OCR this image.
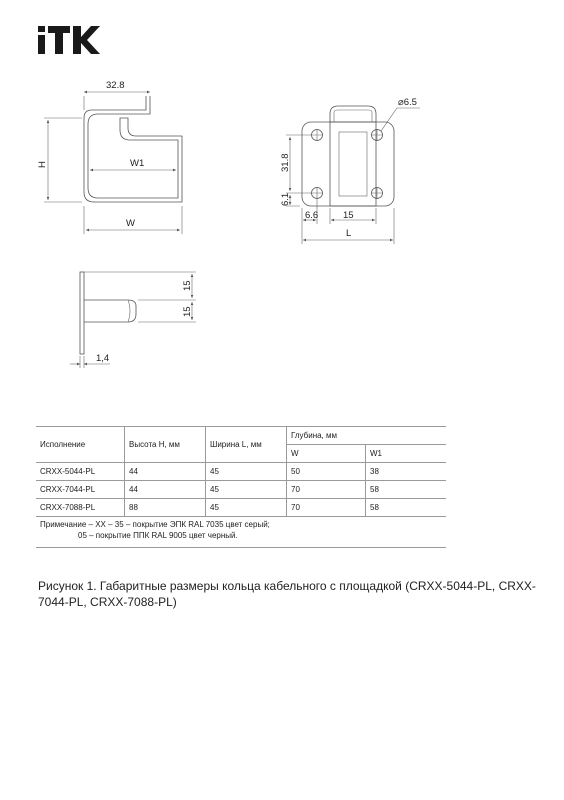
32.8
H	W1
W
⌀6.5
31.8
6.1
6.6	15
L
15
15
1,4
Исполнение	Высота H, мм	Ширина L, мм	Глубина, мм	
			W	W1
CRXX-5044-PL	44	45	50	38
CRXX-7044-PL	44	45	70	58
CRXX-7088-PL	88	45	70	58
Примечание – XX – 35 – покрытие ЭПК RAL 7035 цвет серый;
05 – покрытие ППК RAL 9005 цвет черный.				
Рисунок 1. Габаритные размеры кольца кабельного с площадкой (CRXX-5044-PL, CRXX-7044-PL, CRXX-7088-PL)
